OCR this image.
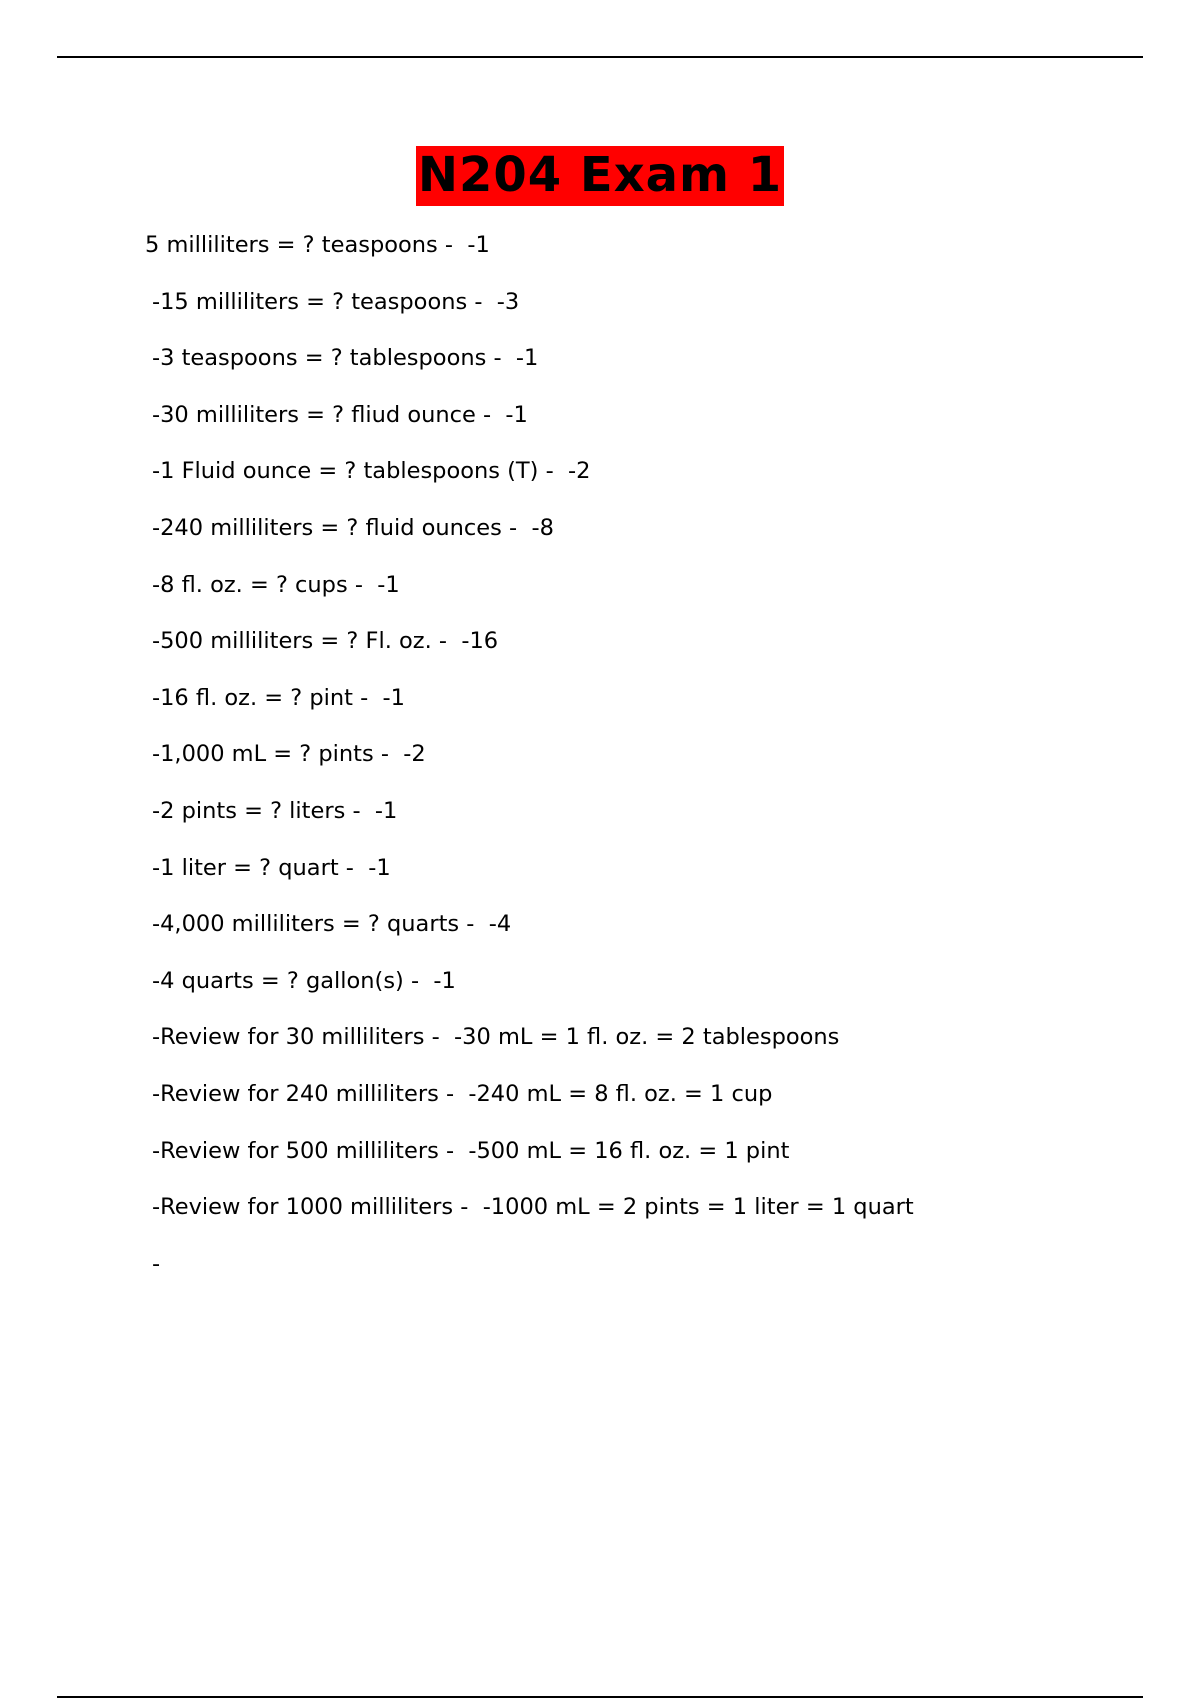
N204 Exam 1
5 milliliters = ? teaspoons -  -1
-15 milliliters = ? teaspoons -  -3
-3 teaspoons = ? tablespoons -  -1
-30 milliliters = ? fliud ounce -  -1
-1 Fluid ounce = ? tablespoons (T) -  -2
-240 milliliters = ? fluid ounces -  -8
-8 fl. oz. = ? cups -  -1
-500 milliliters = ? Fl. oz. -  -16
-16 fl. oz. = ? pint -  -1
-1,000 mL = ? pints -  -2
-2 pints = ? liters -  -1
-1 liter = ? quart -  -1
-4,000 milliliters = ? quarts -  -4
-4 quarts = ? gallon(s) -  -1
-Review for 30 milliliters -  -30 mL = 1 fl. oz. = 2 tablespoons
-Review for 240 milliliters -  -240 mL = 8 fl. oz. = 1 cup
-Review for 500 milliliters -  -500 mL = 16 fl. oz. = 1 pint
-Review for 1000 milliliters -  -1000 mL = 2 pints = 1 liter = 1 quart
-
